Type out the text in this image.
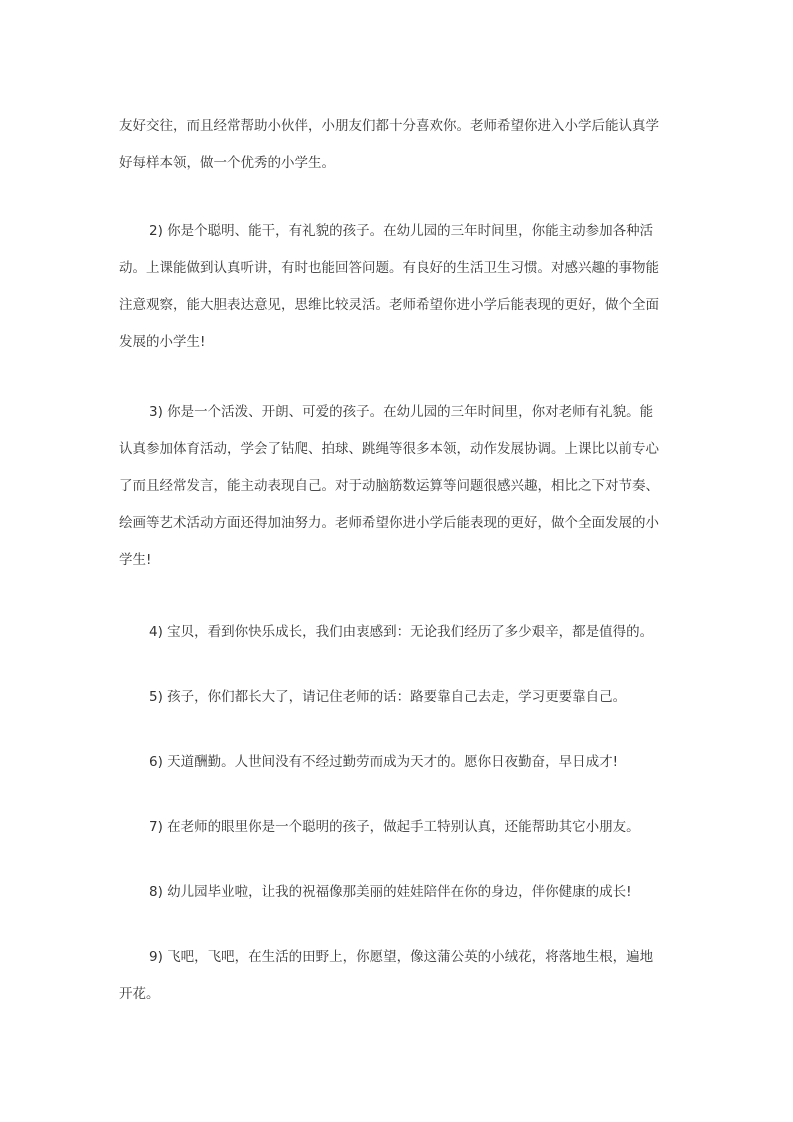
友好交往，而且经常帮助小伙伴，小朋友们都十分喜欢你。老师希望你进入小学后能认真学
好每样本领，做一个优秀的小学生。
2) 你是个聪明、能干，有礼貌的孩子。在幼儿园的三年时间里，你能主动参加各种活
动。上课能做到认真听讲，有时也能回答问题。有良好的生活卫生习惯。对感兴趣的事物能
注意观察，能大胆表达意见，思维比较灵活。老师希望你进小学后能表现的更好，做个全面
发展的小学生!
3) 你是一个活泼、开朗、可爱的孩子。在幼儿园的三年时间里，你对老师有礼貌。能
认真参加体育活动，学会了钻爬、拍球、跳绳等很多本领，动作发展协调。上课比以前专心
了而且经常发言，能主动表现自己。对于动脑筋数运算等问题很感兴趣，相比之下对节奏、
绘画等艺术活动方面还得加油努力。老师希望你进小学后能表现的更好，做个全面发展的小
学生!
4) 宝贝，看到你快乐成长，我们由衷感到：无论我们经历了多少艰辛，都是值得的。
5) 孩子，你们都长大了，请记住老师的话：路要靠自己去走，学习更要靠自己。
6) 天道酬勤。人世间没有不经过勤劳而成为天才的。愿你日夜勤奋，早日成才!
7) 在老师的眼里你是一个聪明的孩子，做起手工特别认真，还能帮助其它小朋友。
8) 幼儿园毕业啦，让我的祝福像那美丽的娃娃陪伴在你的身边，伴你健康的成长!
9) 飞吧，飞吧，在生活的田野上，你愿望，像这蒲公英的小绒花，将落地生根，遍地
开花。
